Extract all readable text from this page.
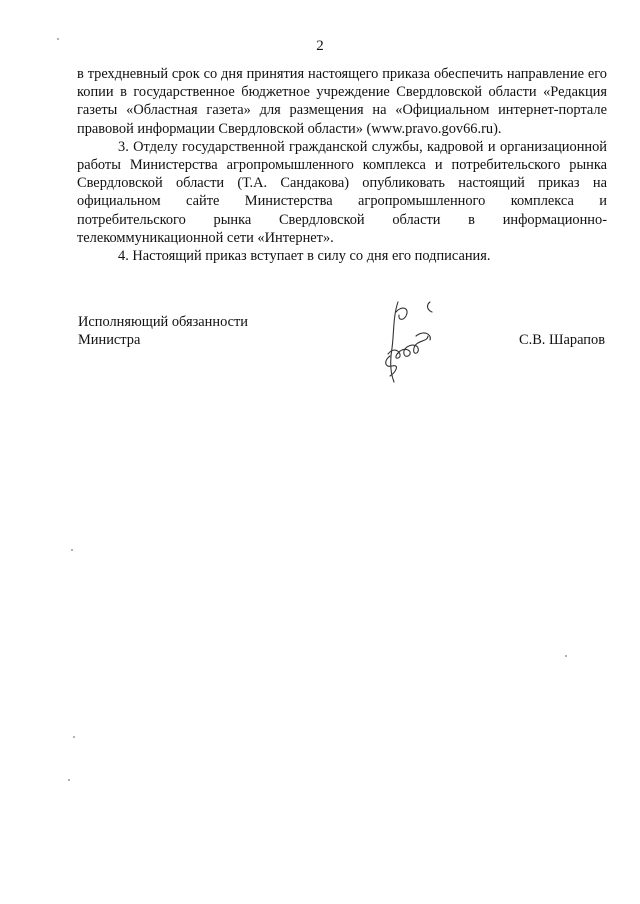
2

в трехдневный срок со дня принятия настоящего приказа обеспечить направление его копии в государственное бюджетное учреждение Свердловской области «Редакция газеты «Областная газета» для размещения на «Официальном интернет-портале правовой информации Свердловской области» (www.pravo.gov66.ru).

3. Отделу государственной гражданской службы, кадровой и организационной работы Министерства агропромышленного комплекса и потребительского рынка Свердловской области (Т.А. Сандакова) опубликовать настоящий приказ на официальном сайте Министерства агропромышленного комплекса и потребительского рынка Свердловской области в информационно-телекоммуникационной сети «Интернет».

4. Настоящий приказ вступает в силу со дня его подписания.

Исполняющий обязанности
Министра	С.В. Шарапов
